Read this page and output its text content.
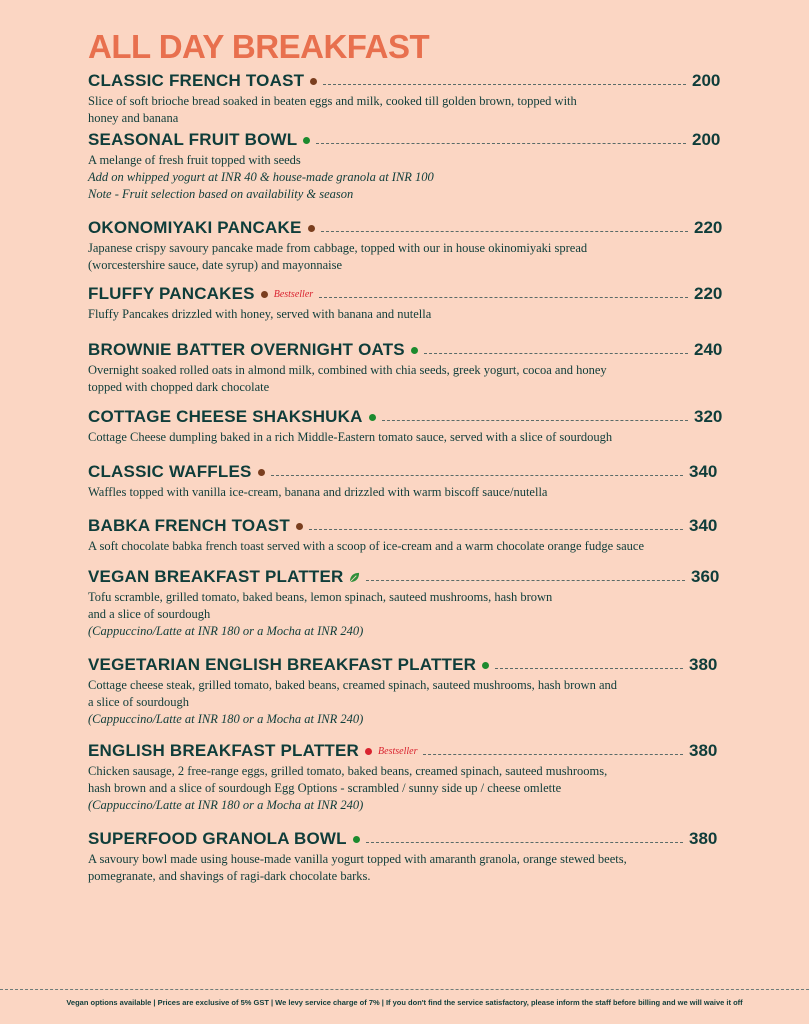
ALL DAY BREAKFAST
CLASSIC FRENCH TOAST	200
Slice of soft brioche bread soaked in beaten eggs and milk, cooked till golden brown, topped with
honey and banana
SEASONAL FRUIT BOWL	200
A melange of fresh fruit topped with seeds
Add on whipped yogurt at INR 40 & house-made granola at INR 100
Note - Fruit selection based on availability & season
OKONOMIYAKI PANCAKE	220
Japanese crispy savoury pancake made from cabbage, topped with our in house okinomiyaki spread
(worcestershire sauce, date syrup) and mayonnaise
FLUFFY PANCAKES Bestseller	220
Fluffy Pancakes drizzled with honey, served with banana and nutella
BROWNIE BATTER OVERNIGHT OATS	240
Overnight soaked rolled oats in almond milk, combined with chia seeds, greek yogurt, cocoa and honey
topped with chopped dark chocolate
COTTAGE CHEESE SHAKSHUKA	320
Cottage Cheese dumpling baked in a rich Middle-Eastern tomato sauce, served with a slice of sourdough
CLASSIC WAFFLES	340
Waffles topped with vanilla ice-cream, banana and drizzled with warm biscoff sauce/nutella
BABKA FRENCH TOAST	340
A soft chocolate babka french toast served with a scoop of ice-cream and a warm chocolate orange fudge sauce
VEGAN BREAKFAST PLATTER	360
Tofu scramble, grilled tomato, baked beans, lemon spinach, sauteed mushrooms, hash brown
and a slice of sourdough
(Cappuccino/Latte at INR 180 or a Mocha at INR 240)
VEGETARIAN ENGLISH BREAKFAST PLATTER	380
Cottage cheese steak, grilled tomato, baked beans, creamed spinach, sauteed mushrooms, hash brown and
a slice of sourdough
(Cappuccino/Latte at INR 180 or a Mocha at INR 240)
ENGLISH BREAKFAST PLATTER Bestseller	380
Chicken sausage, 2 free-range eggs, grilled tomato, baked beans, creamed spinach, sauteed mushrooms,
hash brown and a slice of sourdough Egg Options - scrambled / sunny side up / cheese omlette
(Cappuccino/Latte at INR 180 or a Mocha at INR 240)
SUPERFOOD GRANOLA BOWL	380
A savoury bowl made using house-made vanilla yogurt topped with amaranth granola, orange stewed beets,
pomegranate, and shavings of ragi-dark chocolate barks.
Vegan options available | Prices are exclusive of 5% GST | We levy service charge of 7% | If you don't find the service satisfactory, please inform the staff before billing and we will waive it off
